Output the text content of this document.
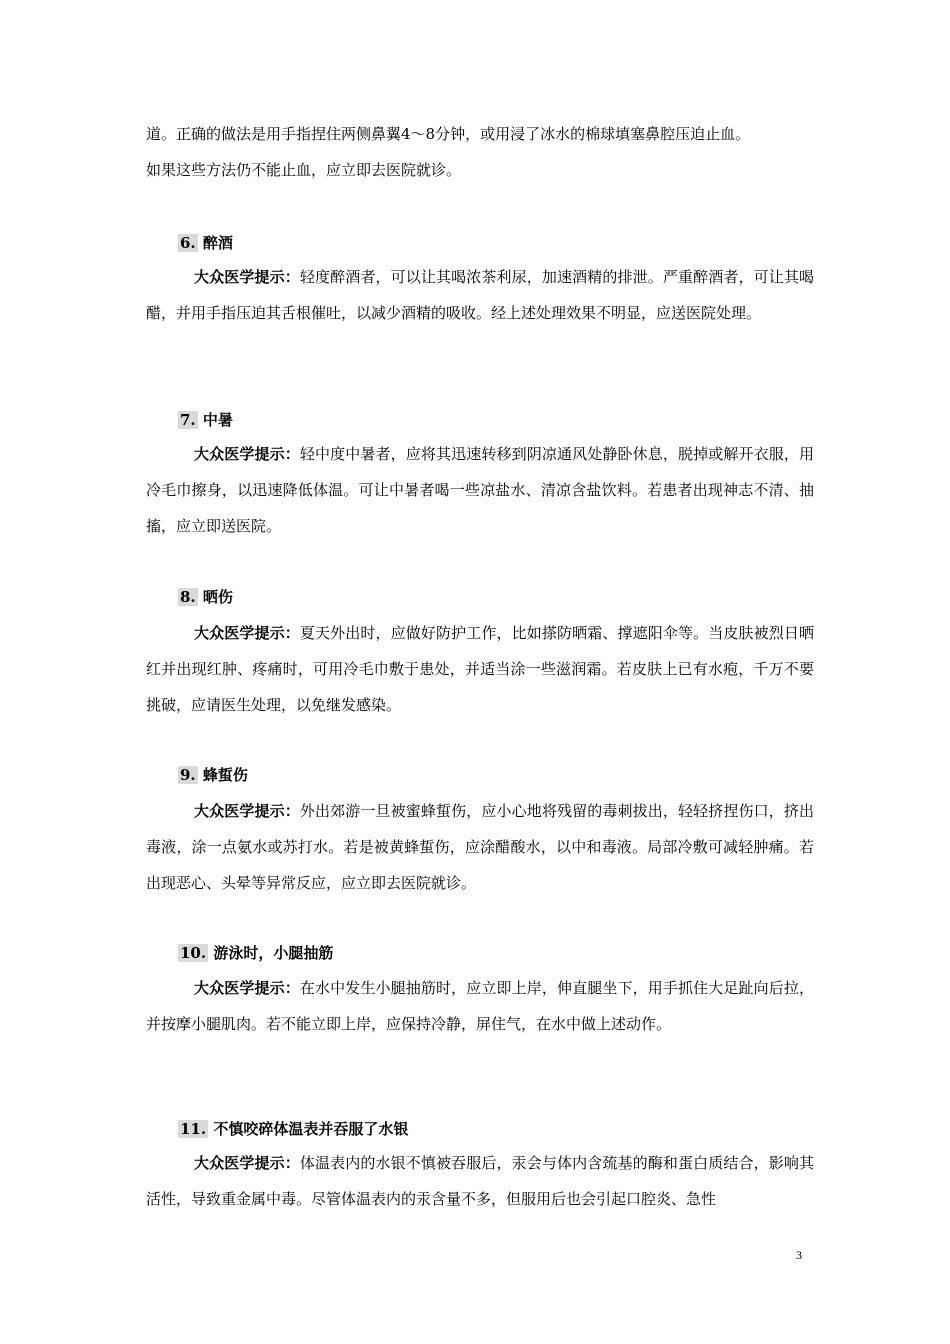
道。正确的做法是用手指捏住两侧鼻翼4～8分钟，或用浸了冰水的棉球填塞鼻腔压迫止血。

如果这些方法仍不能止血，应立即去医院就诊。

6. 醉酒

大众医学提示：轻度醉酒者，可以让其喝浓茶利尿，加速酒精的排泄。严重醉酒者，可让其喝醋，并用手指压迫其舌根催吐，以减少酒精的吸收。经上述处理效果不明显，应送医院处理。

7. 中暑

大众医学提示：轻中度中暑者，应将其迅速转移到阴凉通风处静卧休息，脱掉或解开衣服，用冷毛巾擦身，以迅速降低体温。可让中暑者喝一些凉盐水、清凉含盐饮料。若患者出现神志不清、抽搐，应立即送医院。

8. 晒伤

大众医学提示：夏天外出时，应做好防护工作，比如搽防晒霜、撑遮阳伞等。当皮肤被烈日晒红并出现红肿、疼痛时，可用冷毛巾敷于患处，并适当涂一些滋润霜。若皮肤上已有水疱，千万不要挑破，应请医生处理，以免继发感染。

9. 蜂蜇伤

大众医学提示：外出郊游一旦被蜜蜂蜇伤，应小心地将残留的毒刺拔出，轻轻挤捏伤口，挤出毒液，涂一点氨水或苏打水。若是被黄蜂蜇伤，应涂醋酸水，以中和毒液。局部冷敷可减轻肿痛。若出现恶心、头晕等异常反应，应立即去医院就诊。

10. 游泳时，小腿抽筋

大众医学提示：在水中发生小腿抽筋时，应立即上岸，伸直腿坐下，用手抓住大足趾向后拉，并按摩小腿肌肉。若不能立即上岸，应保持冷静，屏住气，在水中做上述动作。

11. 不慎咬碎体温表并吞服了水银

大众医学提示：体温表内的水银不慎被吞服后，汞会与体内含巯基的酶和蛋白质结合，影响其活性，导致重金属中毒。尽管体温表内的汞含量不多，但服用后也会引起口腔炎、急性

3
